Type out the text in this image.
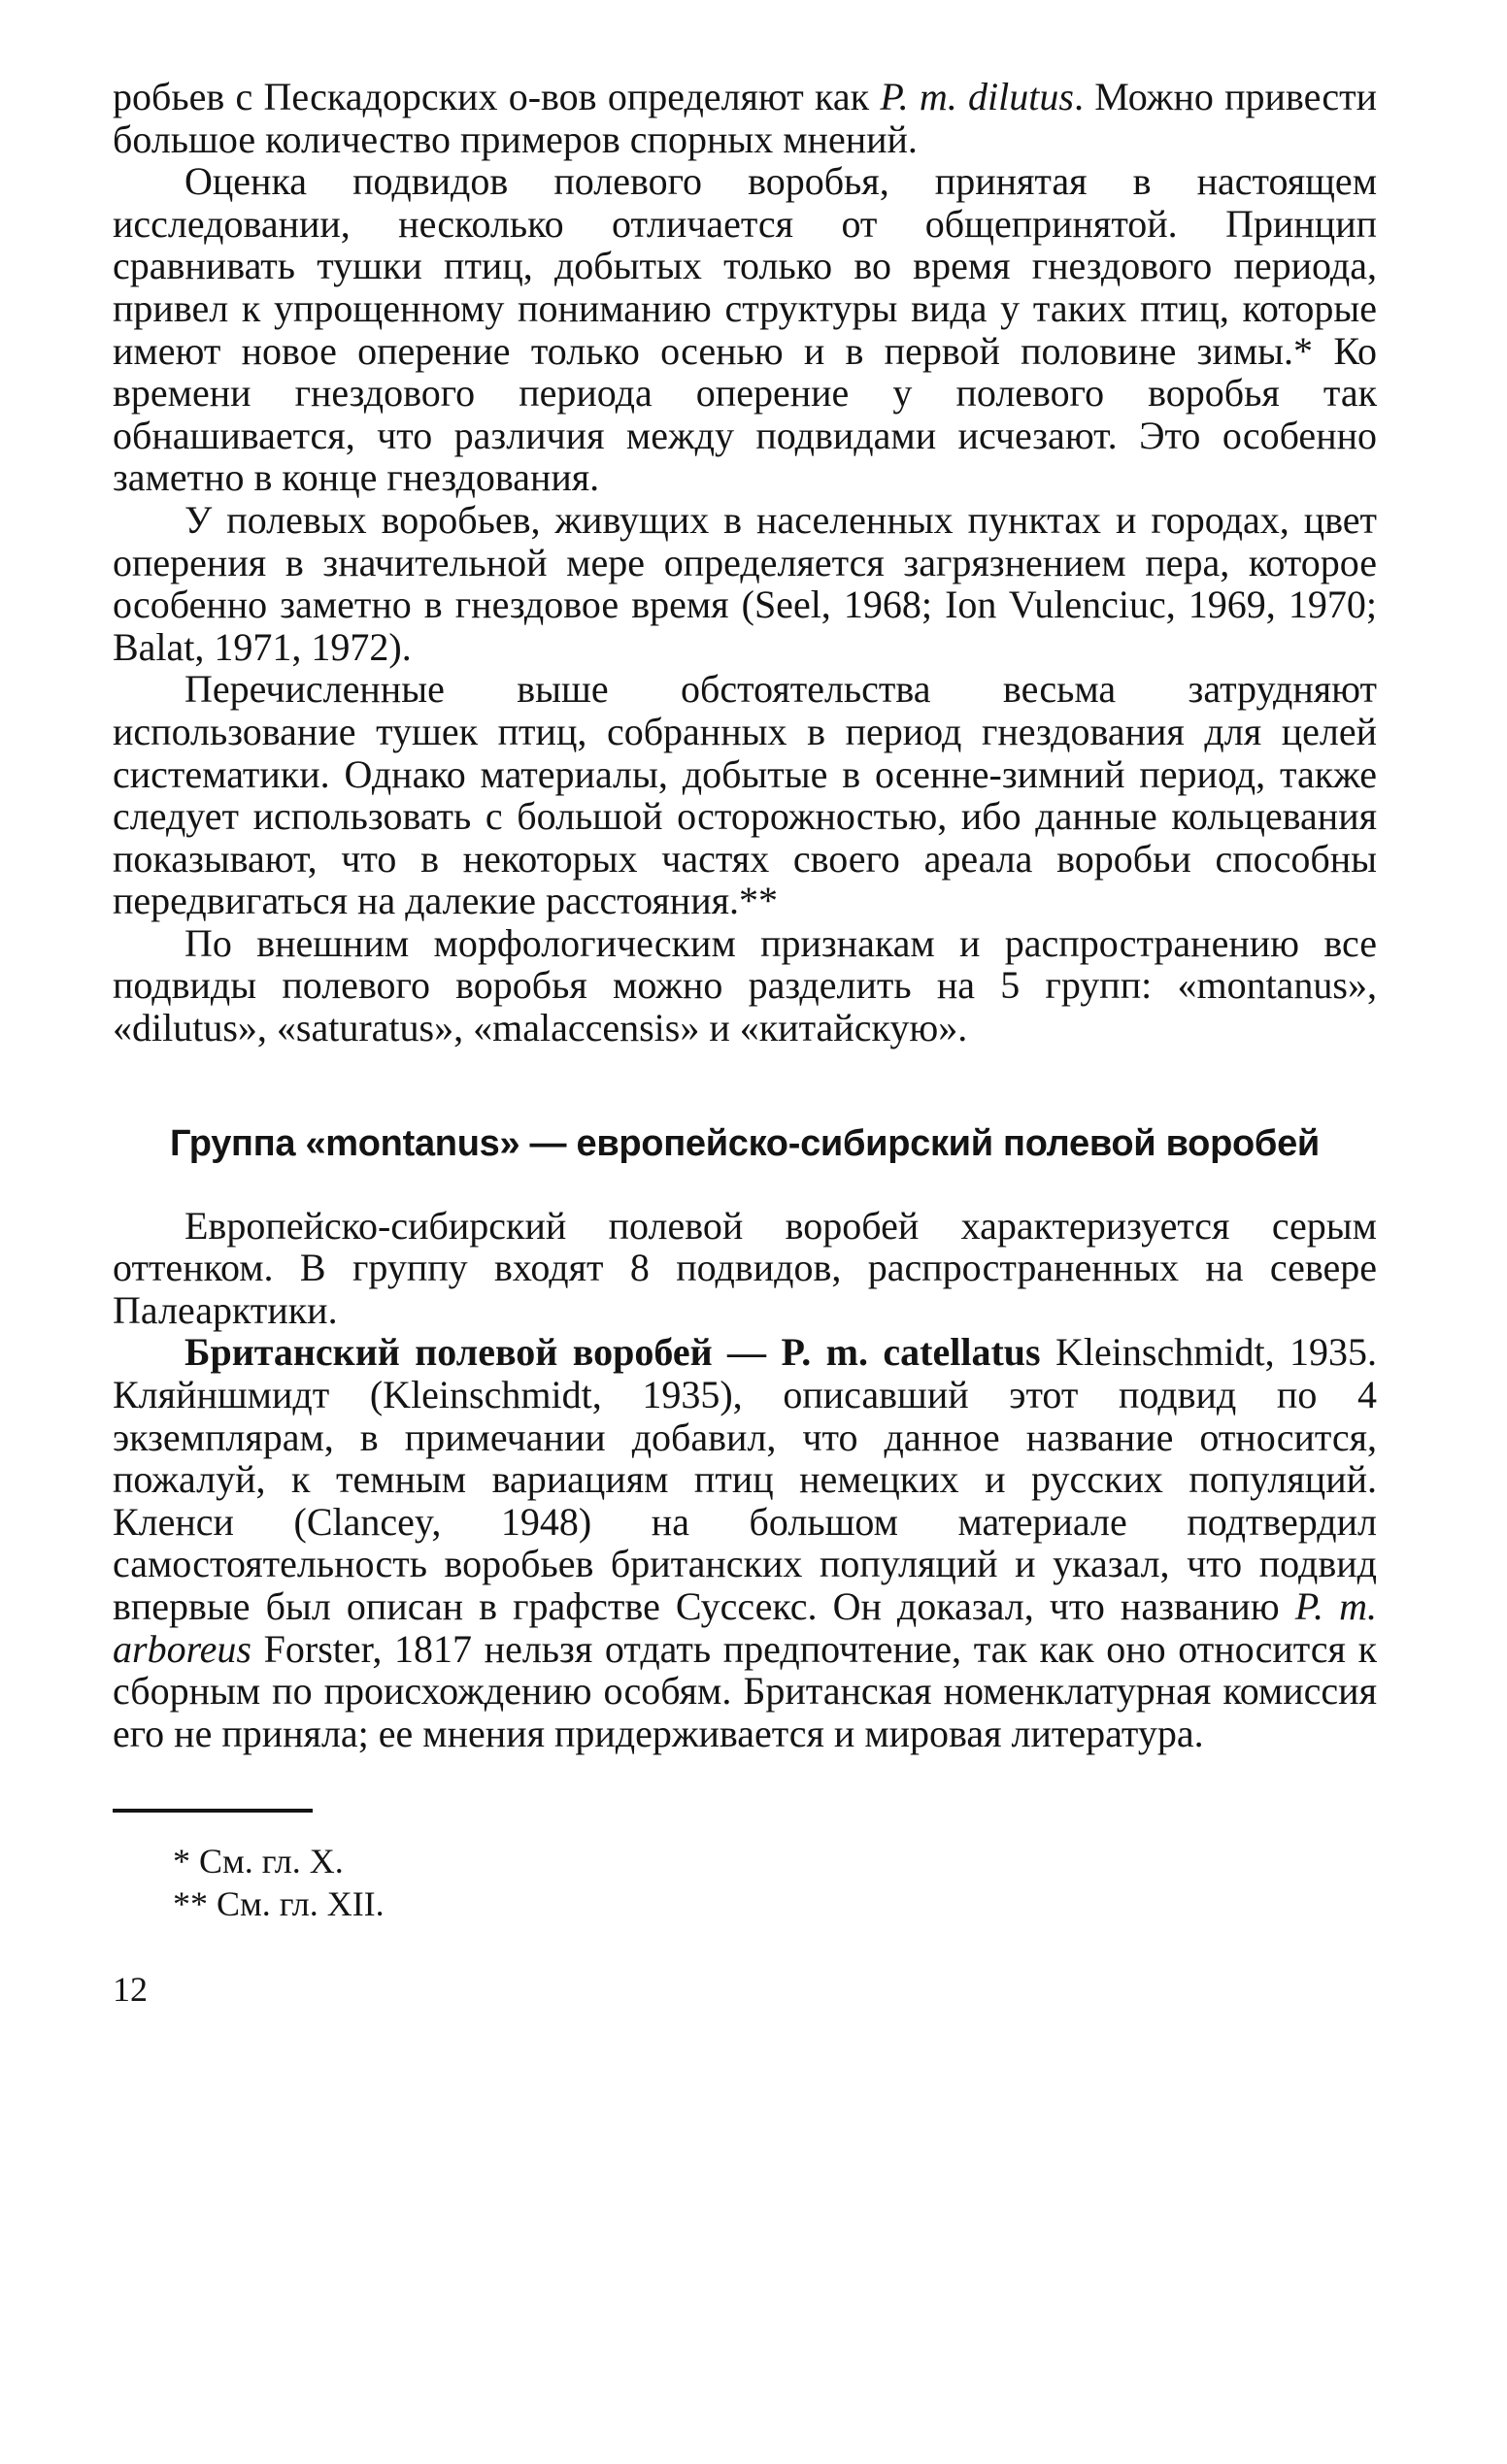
робьев с Пескадорских о-вов определяют как P. m. dilutus. Можно привести большое количество примеров спорных мнений.

Оценка подвидов полевого воробья, принятая в настоящем исследовании, несколько отличается от общепринятой. Принцип сравнивать тушки птиц, добытых только во время гнездового периода, привел к упрощенному пониманию структуры вида у таких птиц, которые имеют новое оперение только осенью и в первой половине зимы.* Ко времени гнездового периода оперение у полевого воробья так обнашивается, что различия между подвидами исчезают. Это особенно заметно в конце гнездования.

У полевых воробьев, живущих в населенных пунктах и городах, цвет оперения в значительной мере определяется загрязнением пера, которое особенно заметно в гнездовое время (Seel, 1968; Ion Vulenciuc, 1969, 1970; Balat, 1971, 1972).

Перечисленные выше обстоятельства весьма затрудняют использование тушек птиц, собранных в период гнездования для целей систематики. Однако материалы, добытые в осенне-зимний период, также следует использовать с большой осторожностью, ибо данные кольцевания показывают, что в некоторых частях своего ареала воробьи способны передвигаться на далекие расстояния.**

По внешним морфологическим признакам и распространению все подвиды полевого воробья можно разделить на 5 групп: «montanus», «dilutus», «saturatus», «malaccensis» и «китайскую».

Группа «montanus» — европейско-сибирский полевой воробей

Европейско-сибирский полевой воробей характеризуется серым оттенком. В группу входят 8 подвидов, распространенных на севере Палеарктики.

Британский полевой воробей — P. m. catellatus Kleinschmidt, 1935. Кляйншмидт (Kleinschmidt, 1935), описавший этот подвид по 4 экземплярам, в примечании добавил, что данное название относится, пожалуй, к темным вариациям птиц немецких и русских популяций. Кленси (Clancey, 1948) на большом материале подтвердил самостоятельность воробьев британских популяций и указал, что подвид впервые был описан в графстве Суссекс. Он доказал, что названию P. m. arboreus Forster, 1817 нельзя отдать предпочтение, так как оно относится к сборным по происхождению особям. Британская номенклатурная комиссия его не приняла; ее мнения придерживается и мировая литература.

* См. гл. X.

** См. гл. XII.

12
